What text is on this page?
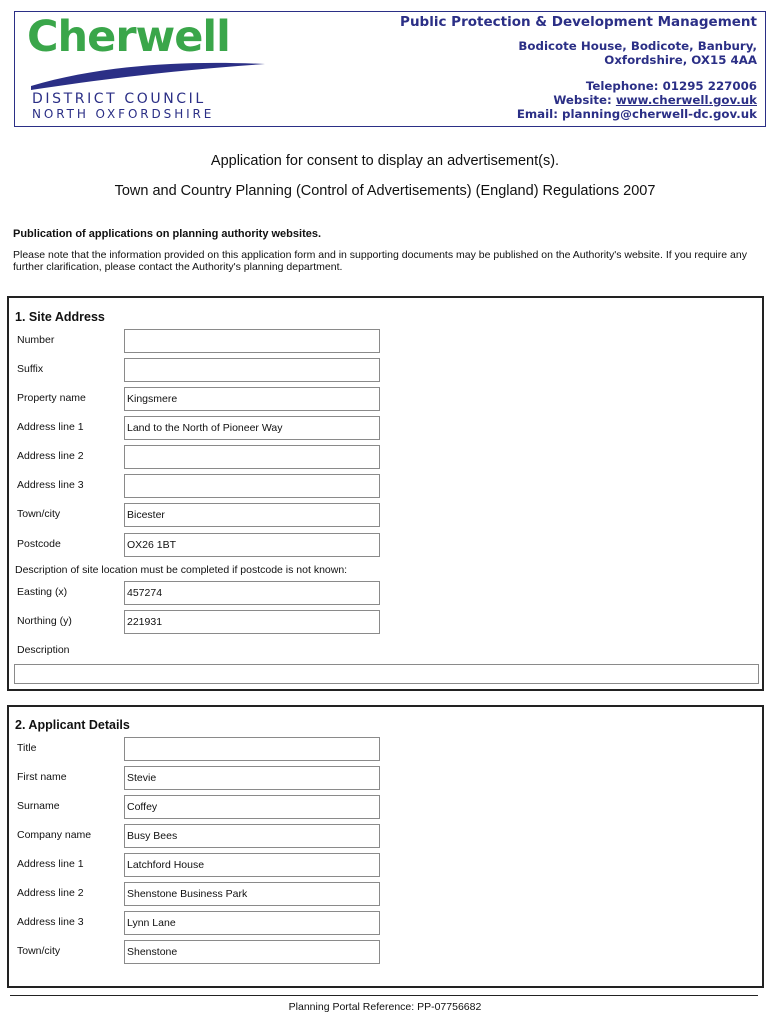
Cherwell
DISTRICT COUNCIL
NORTH OXFORDSHIRE
Public Protection & Development Management
Bodicote House, Bodicote, Banbury,
Oxfordshire, OX15 4AA
Telephone: 01295 227006
Website: www.cherwell.gov.uk
Email: planning@cherwell-dc.gov.uk
Application for consent to display an advertisement(s).
Town and Country Planning (Control of Advertisements) (England) Regulations 2007
Publication of applications on planning authority websites.
Please note that the information provided on this application form and in supporting documents may be published on the Authority's website. If you require any further clarification, please contact the Authority's planning department.
1. Site Address
Number
Suffix
Property name	Kingsmere
Address line 1	Land to the North of Pioneer Way
Address line 2
Address line 3
Town/city	Bicester
Postcode	OX26 1BT
Description of site location must be completed if postcode is not known:
Easting (x)	457274
Northing (y)	221931
Description
2. Applicant Details
Title
First name	Stevie
Surname	Coffey
Company name	Busy Bees
Address line 1	Latchford House
Address line 2	Shenstone Business Park
Address line 3	Lynn Lane
Town/city	Shenstone
Planning Portal Reference: PP-07756682
